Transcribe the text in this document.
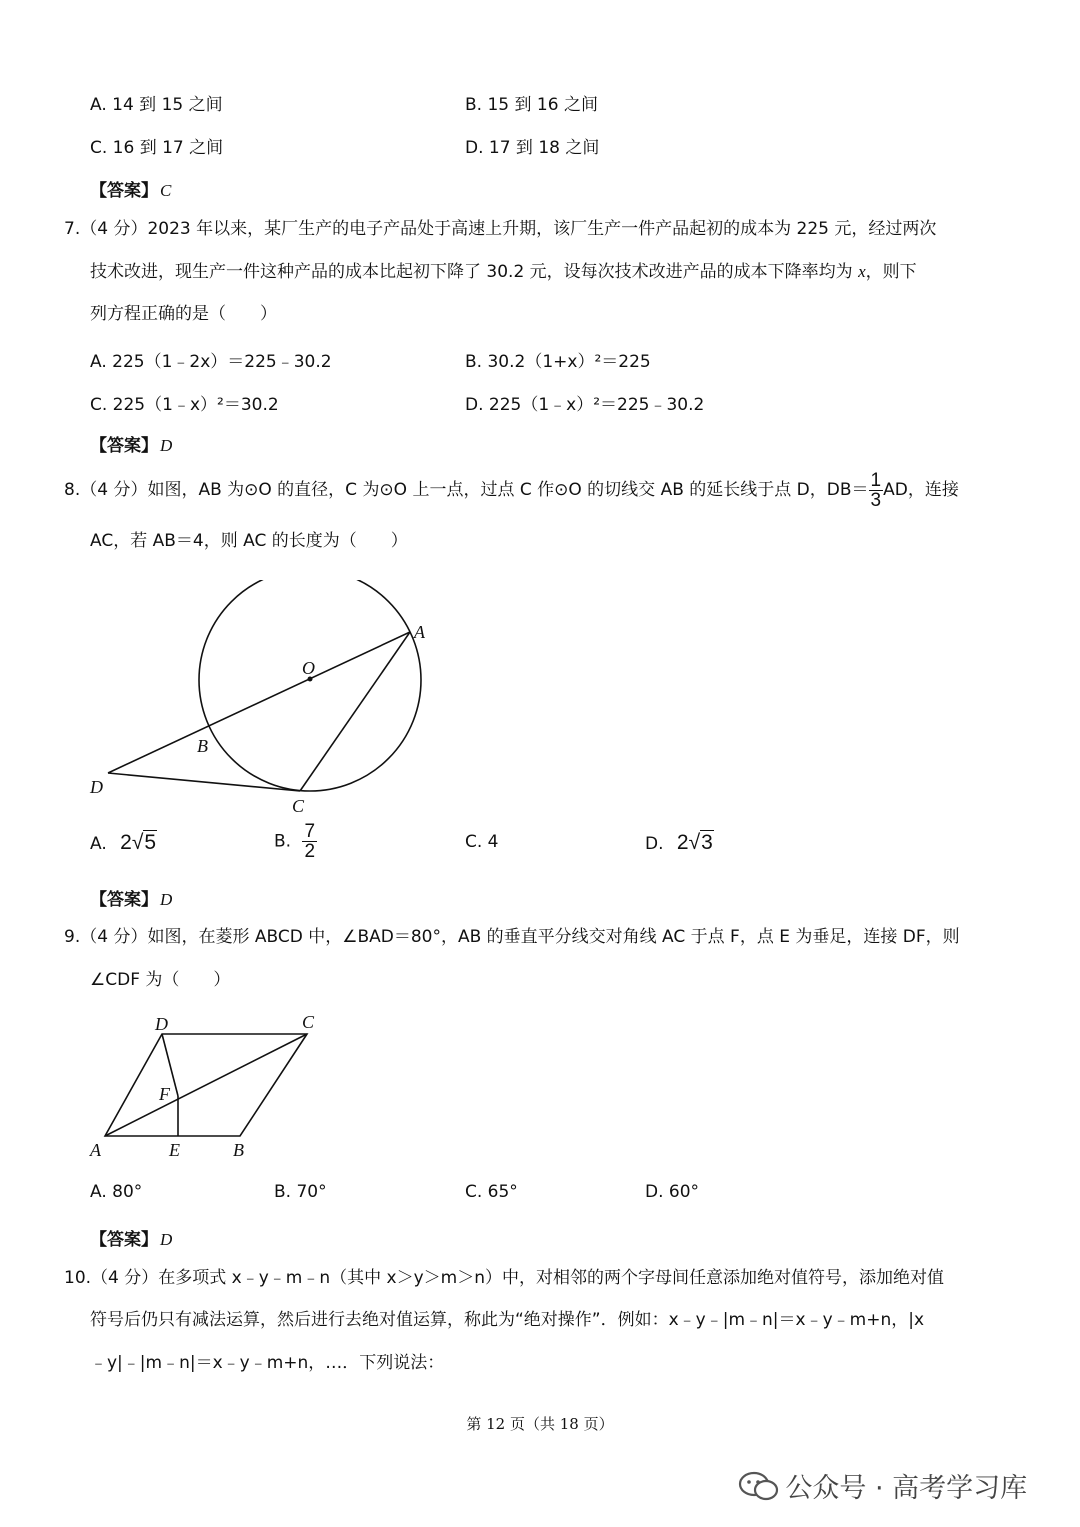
A. 14 到 15 之间	B. 15 到 16 之间
C. 16 到 17 之间	D. 17 到 18 之间
【答案】 C
7.（4 分）2023 年以来，某厂生产的电子产品处于高速上升期，该厂生产一件产品起初的成本为 225 元，经过两次
技术改进，现生产一件这种产品的成本比起初下降了 30.2 元，设每次技术改进产品的成本下降率均为 x，则下
列方程正确的是（　　）
A. 225（1﹣2x）＝225﹣30.2	B. 30.2（1+x）²＝225
C. 225（1﹣x）²＝30.2	D. 225（1﹣x）²＝225﹣30.2
【答案】 D
8.（4 分）如图，AB 为⊙O 的直径，C 为⊙O 上一点，过点 C 作⊙O 的切线交 AB 的延长线于点 D，$DB= \frac{1}{3}$ AD，连接
AC，若 AB＝4，则 AC 的长度为（　　）
A
O
B
D
C
A. 2√5	B. $\frac{7}{2}$	C. 4	D. 2√3
【答案】 D
9.（4 分）如图，在菱形 ABCD 中，∠BAD＝80°，AB 的垂直平分线交对角线 AC 于点 F，点 E 为垂足，连接 DF，则
∠CDF 为（　　）
D	C
F
A	E	B
A. 80°	B. 70°	C. 65°	D. 60°
【答案】 D
10.（4 分）在多项式 x﹣y﹣m﹣n（其中 x＞y＞m＞n）中，对相邻的两个字母间任意添加绝对值符号，添加绝对值
符号后仍只有减法运算，然后进行去绝对值运算，称此为“绝对操作”．例如：x﹣y﹣|m﹣n|＝x﹣y﹣m+n，|x
﹣y|﹣|m﹣n|＝x﹣y﹣m+n，…．下列说法：
第 12 页（共 18 页）
公众号 · 高考学习库
